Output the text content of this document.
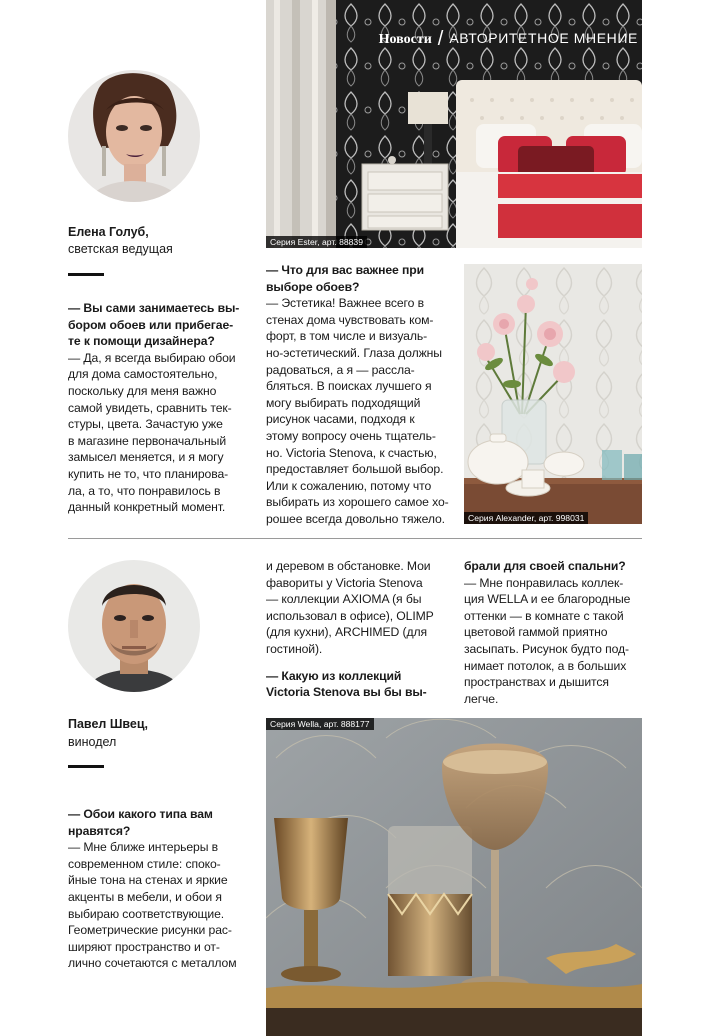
Новости / АВТОРИТЕТНОЕ МНЕНИЕ
Серия Ester, арт. 88839
Елена Голуб,
светская ведущая
— Вы сами занимаетесь вы-
бором обоев или прибегае-
те к помощи дизайнера?
— Да, я всегда выбираю обои
для дома самостоятельно,
поскольку для меня важно
самой увидеть, сравнить тек-
стуры, цвета. Зачастую уже
в магазине первоначальный
замысел меняется, и я могу
купить не то, что планирова-
ла, а то, что понравилось в
данный конкретный момент.
— Что для вас важнее при
выборе обоев?
— Эстетика! Важнее всего в
стенах дома чувствовать ком-
форт, в том числе и визуаль-
но-эстетический. Глаза должны
радоваться, а я — расслa-
бляться. В поисках лучшего я
могу выбирать подходящий
рисунок часами, подходя к
этому вопросу очень тщатель-
но. Victoria Stenova, к счастью,
предоставляет большой выбор.
Или к сожалению, потому что
выбирать из хорошего самое хо-
рошее всегда довольно тяжело.	Серия Alexander, арт. 998031
Павел Швец,
винодел
— Обои какого типа вам
нравятся?
— Мне ближе интерьеры в
современном стиле: споко-
йные тона на стенах и яркие
акценты в мебели, и обои я
выбираю соответствующие.
Геометрические рисунки рас-
ширяют пространство и от-
лично сочетаются с металлом
и деревом в обстановке. Мои
фавориты у Victoria Stenova
— коллекции AXIOMA (я бы
использовал в офисе), OLIMP
(для кухни), ARCHIMED (для
гостиной).
— Какую из коллекций
Victoria Stenova вы бы вы-
брали для своей спальни?
— Мне понравилась коллек-
ция WELLA и ее благородные
оттенки — в комнате с такой
цветовой гаммой приятно
засыпать. Рисунок будто под-
нимает потолок, а в больших
пространствах и дышится
легче.
Серия Wella, арт. 888177
